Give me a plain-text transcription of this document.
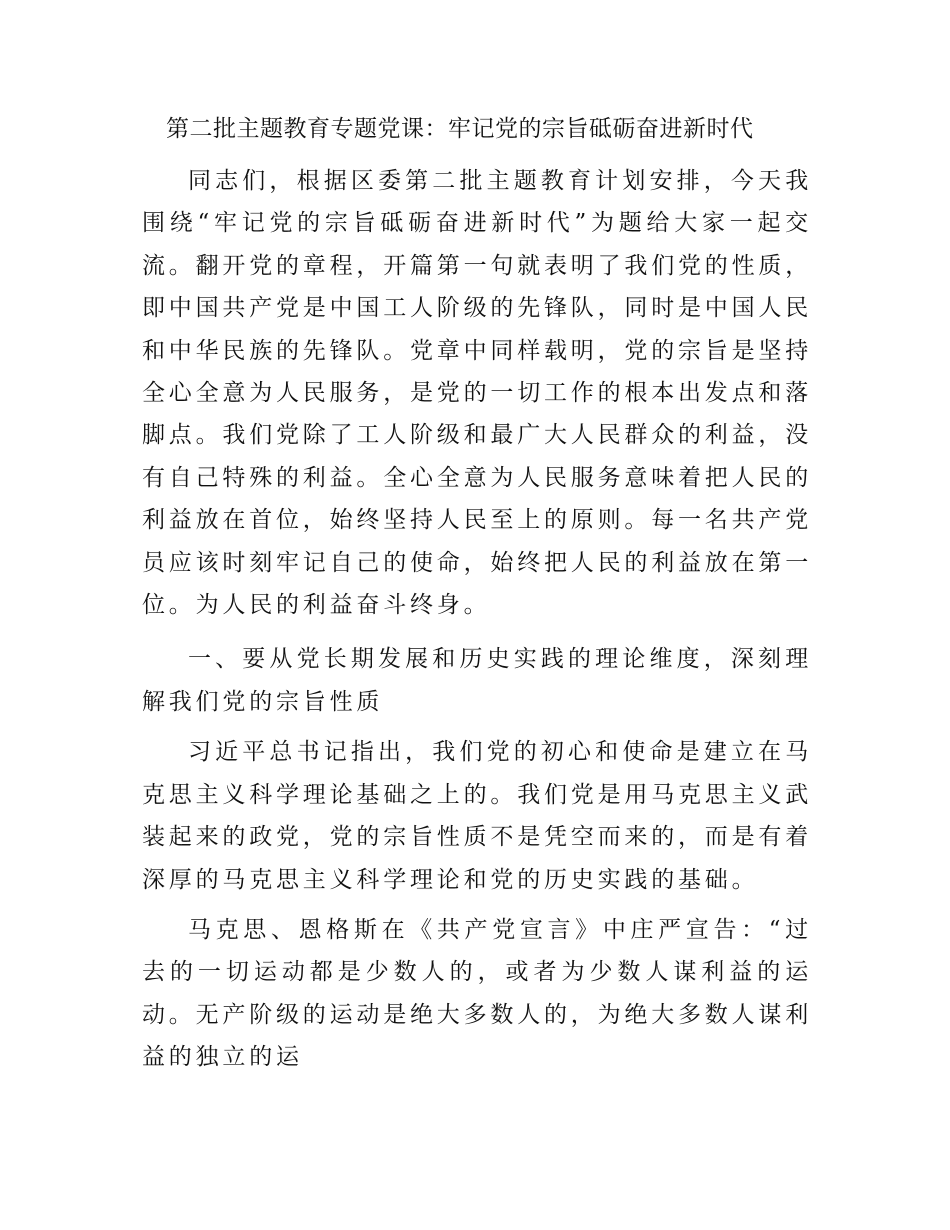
第二批主题教育专题党课：牢记党的宗旨砥砺奋进新时代

同志们，根据区委第二批主题教育计划安排，今天我围绕“牢记党的宗旨砥砺奋进新时代”为题给大家一起交流。翻开党的章程，开篇第一句就表明了我们党的性质，即中国共产党是中国工人阶级的先锋队，同时是中国人民和中华民族的先锋队。党章中同样载明，党的宗旨是坚持全心全意为人民服务，是党的一切工作的根本出发点和落脚点。我们党除了工人阶级和最广大人民群众的利益，没有自己特殊的利益。全心全意为人民服务意味着把人民的利益放在首位，始终坚持人民至上的原则。每一名共产党员应该时刻牢记自己的使命，始终把人民的利益放在第一位。为人民的利益奋斗终身。

一、要从党长期发展和历史实践的理论维度，深刻理解我们党的宗旨性质

习近平总书记指出，我们党的初心和使命是建立在马克思主义科学理论基础之上的。我们党是用马克思主义武装起来的政党，党的宗旨性质不是凭空而来的，而是有着深厚的马克思主义科学理论和党的历史实践的基础。

马克思、恩格斯在《共产党宣言》中庄严宣告：“过去的一切运动都是少数人的，或者为少数人谋利益的运动。无产阶级的运动是绝大多数人的，为绝大多数人谋利益的独立的运
